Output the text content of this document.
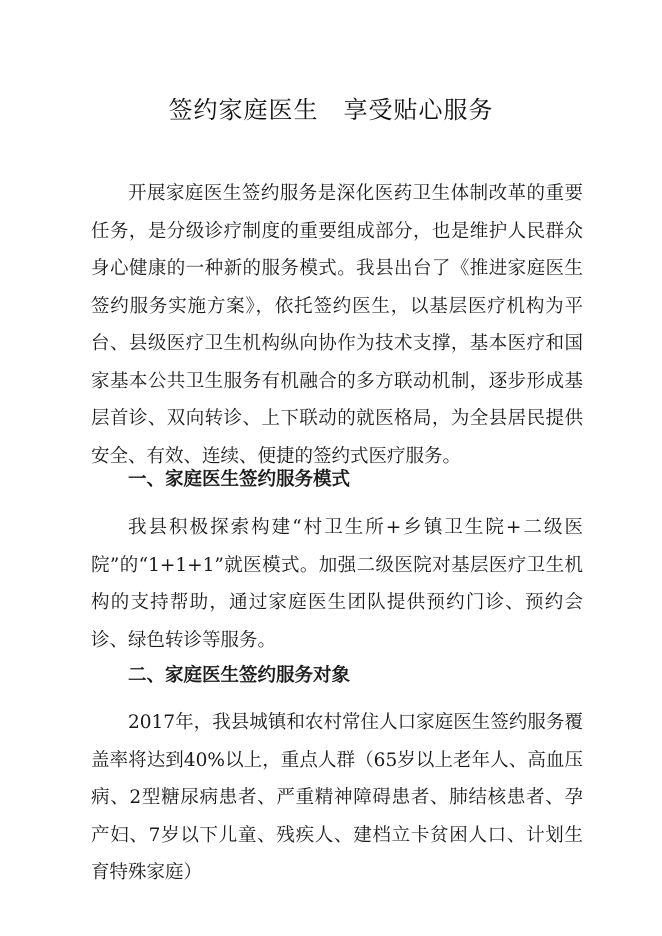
签约家庭医生　享受贴心服务

开展家庭医生签约服务是深化医药卫生体制改革的重要任务，是分级诊疗制度的重要组成部分，也是维护人民群众身心健康的一种新的服务模式。我县出台了《推进家庭医生签约服务实施方案》，依托签约医生，以基层医疗机构为平台、县级医疗卫生机构纵向协作为技术支撑，基本医疗和国家基本公共卫生服务有机融合的多方联动机制，逐步形成基层首诊、双向转诊、上下联动的就医格局，为全县居民提供安全、有效、连续、便捷的签约式医疗服务。

一、家庭医生签约服务模式

我县积极探索构建“村卫生所+乡镇卫生院+二级医院”的“1+1+1”就医模式。加强二级医院对基层医疗卫生机构的支持帮助，通过家庭医生团队提供预约门诊、预约会诊、绿色转诊等服务。

二、家庭医生签约服务对象

2017年，我县城镇和农村常住人口家庭医生签约服务覆盖率将达到40%以上，重点人群（65岁以上老年人、高血压病、2型糖尿病患者、严重精神障碍患者、肺结核患者、孕产妇、7岁以下儿童、残疾人、建档立卡贫困人口、计划生育特殊家庭）
